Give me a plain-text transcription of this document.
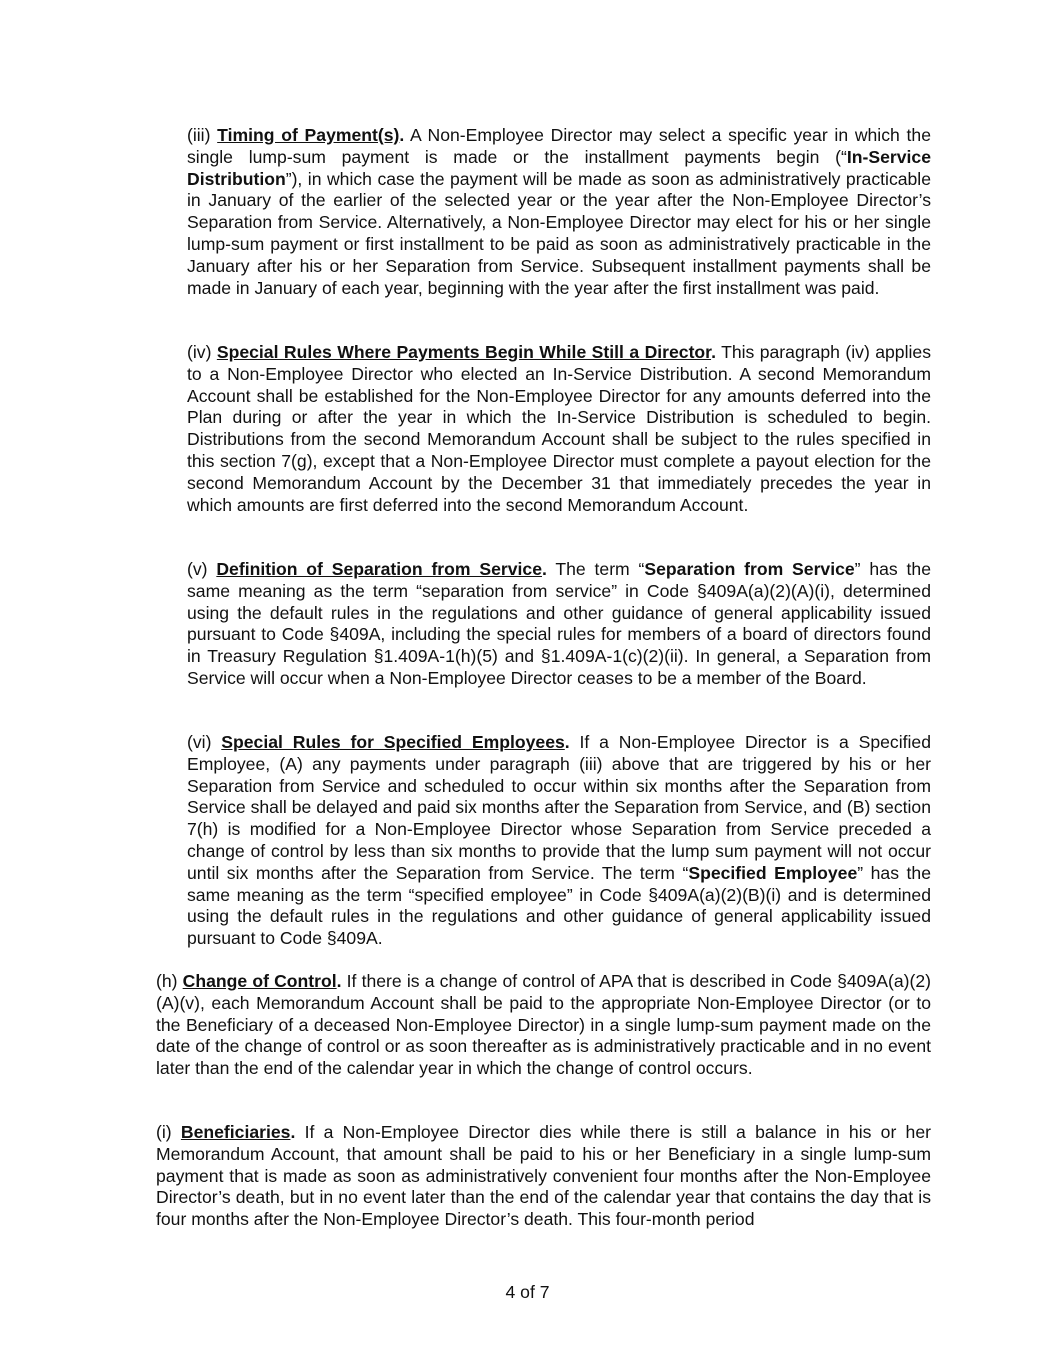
(iii) Timing of Payment(s). A Non-Employee Director may select a specific year in which the single lump-sum payment is made or the installment payments begin (“In-Service Distribution”), in which case the payment will be made as soon as administratively practicable in January of the earlier of the selected year or the year after the Non-Employee Director’s Separation from Service. Alternatively, a Non-Employee Director may elect for his or her single lump-sum payment or first installment to be paid as soon as administratively practicable in the January after his or her Separation from Service. Subsequent installment payments shall be made in January of each year, beginning with the year after the first installment was paid.

(iv) Special Rules Where Payments Begin While Still a Director. This paragraph (iv) applies to a Non-Employee Director who elected an In-Service Distribution. A second Memorandum Account shall be established for the Non-Employee Director for any amounts deferred into the Plan during or after the year in which the In-Service Distribution is scheduled to begin. Distributions from the second Memorandum Account shall be subject to the rules specified in this section 7(g), except that a Non-Employee Director must complete a payout election for the second Memorandum Account by the December 31 that immediately precedes the year in which amounts are first deferred into the second Memorandum Account.

(v) Definition of Separation from Service. The term “Separation from Service” has the same meaning as the term “separation from service” in Code §409A(a)(2)(A)(i), determined using the default rules in the regulations and other guidance of general applicability issued pursuant to Code §409A, including the special rules for members of a board of directors found in Treasury Regulation §1.409A-1(h)(5) and §1.409A-1(c)(2)(ii). In general, a Separation from Service will occur when a Non-Employee Director ceases to be a member of the Board.

(vi) Special Rules for Specified Employees. If a Non-Employee Director is a Specified Employee, (A) any payments under paragraph (iii) above that are triggered by his or her Separation from Service and scheduled to occur within six months after the Separation from Service shall be delayed and paid six months after the Separation from Service, and (B) section 7(h) is modified for a Non-Employee Director whose Separation from Service preceded a change of control by less than six months to provide that the lump sum payment will not occur until six months after the Separation from Service. The term “Specified Employee” has the same meaning as the term “specified employee” in Code §409A(a)(2)(B)(i) and is determined using the default rules in the regulations and other guidance of general applicability issued pursuant to Code §409A.

(h) Change of Control. If there is a change of control of APA that is described in Code §409A(a)(2)(A)(v), each Memorandum Account shall be paid to the appropriate Non-Employee Director (or to the Beneficiary of a deceased Non-Employee Director) in a single lump-sum payment made on the date of the change of control or as soon thereafter as is administratively practicable and in no event later than the end of the calendar year in which the change of control occurs.

(i) Beneficiaries. If a Non-Employee Director dies while there is still a balance in his or her Memorandum Account, that amount shall be paid to his or her Beneficiary in a single lump-sum payment that is made as soon as administratively convenient four months after the Non-Employee Director’s death, but in no event later than the end of the calendar year that contains the day that is four months after the Non-Employee Director’s death. This four-month period

4 of 7
